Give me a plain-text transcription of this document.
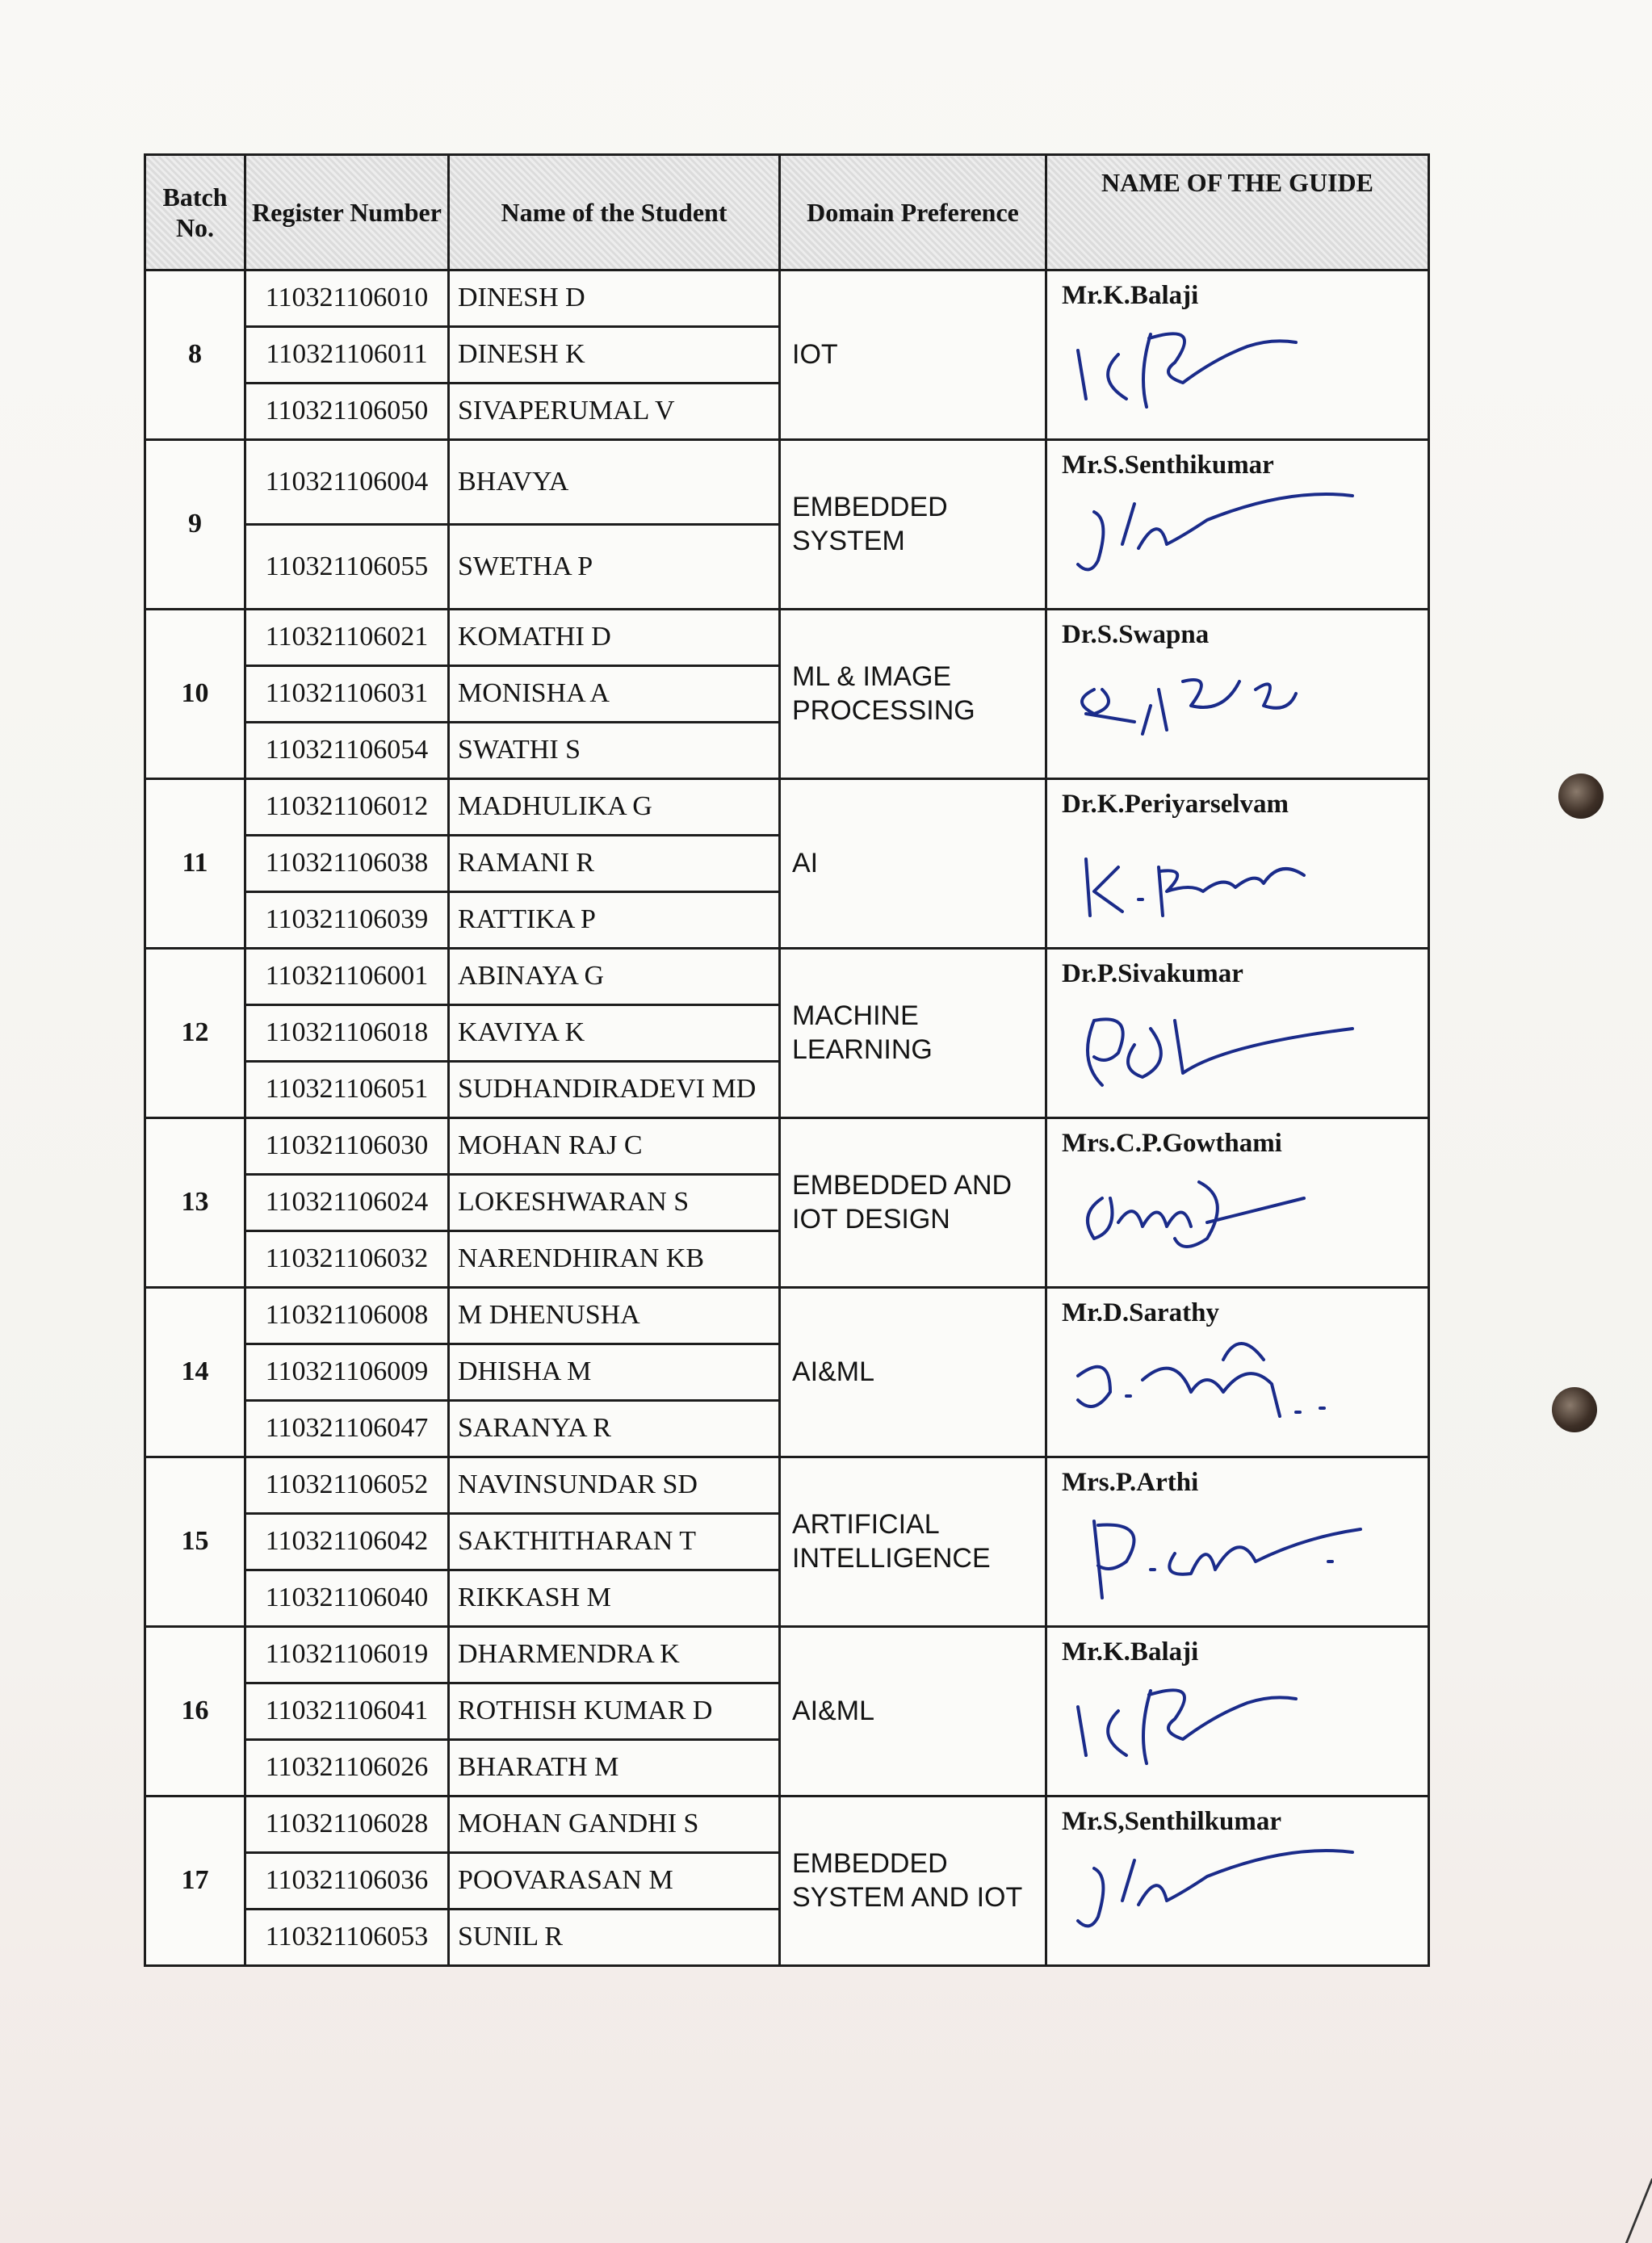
Batch No.	Register Number	Name of the Student	Domain Preference	NAME OF THE GUIDE
8	110321106010	DINESH D	IOT	Mr.K.Balaji

	110321106011	DINESH K		
	110321106050	SIVAPERUMAL V		
9	110321106004	BHAVYA	EMBEDDED SYSTEM	Mr.S.Senthikumar

	110321106055	SWETHA P		
10	110321106021	KOMATHI D	ML & IMAGE PROCESSING	Dr.S.Swapna

	110321106031	MONISHA A		
	110321106054	SWATHI S		
11	110321106012	MADHULIKA G	AI	Dr.K.Periyarselvam

	110321106038	RAMANI R		
	110321106039	RATTIKA P		
12	110321106001	ABINAYA G	MACHINE LEARNING	Dr.P.Sivakumar

	110321106018	KAVIYA K		
	110321106051	SUDHANDIRADEVI MD		
13	110321106030	MOHAN RAJ C	EMBEDDED AND IOT DESIGN	Mrs.C.P.Gowthami

	110321106024	LOKESHWARAN S		
	110321106032	NARENDHIRAN KB		
14	110321106008	M DHENUSHA	AI&ML	Mr.D.Sarathy

	110321106009	DHISHA M		
	110321106047	SARANYA R		
15	110321106052	NAVINSUNDAR SD	ARTIFICIAL INTELLIGENCE	Mrs.P.Arthi

	110321106042	SAKTHITHARAN T		
	110321106040	RIKKASH M		
16	110321106019	DHARMENDRA K	AI&ML	Mr.K.Balaji

	110321106041	ROTHISH KUMAR D		
	110321106026	BHARATH M		
17	110321106028	MOHAN GANDHI S	EMBEDDED SYSTEM AND IOT	Mr.S,Senthilkumar

	110321106036	POOVARASAN M		
	110321106053	SUNIL R		
